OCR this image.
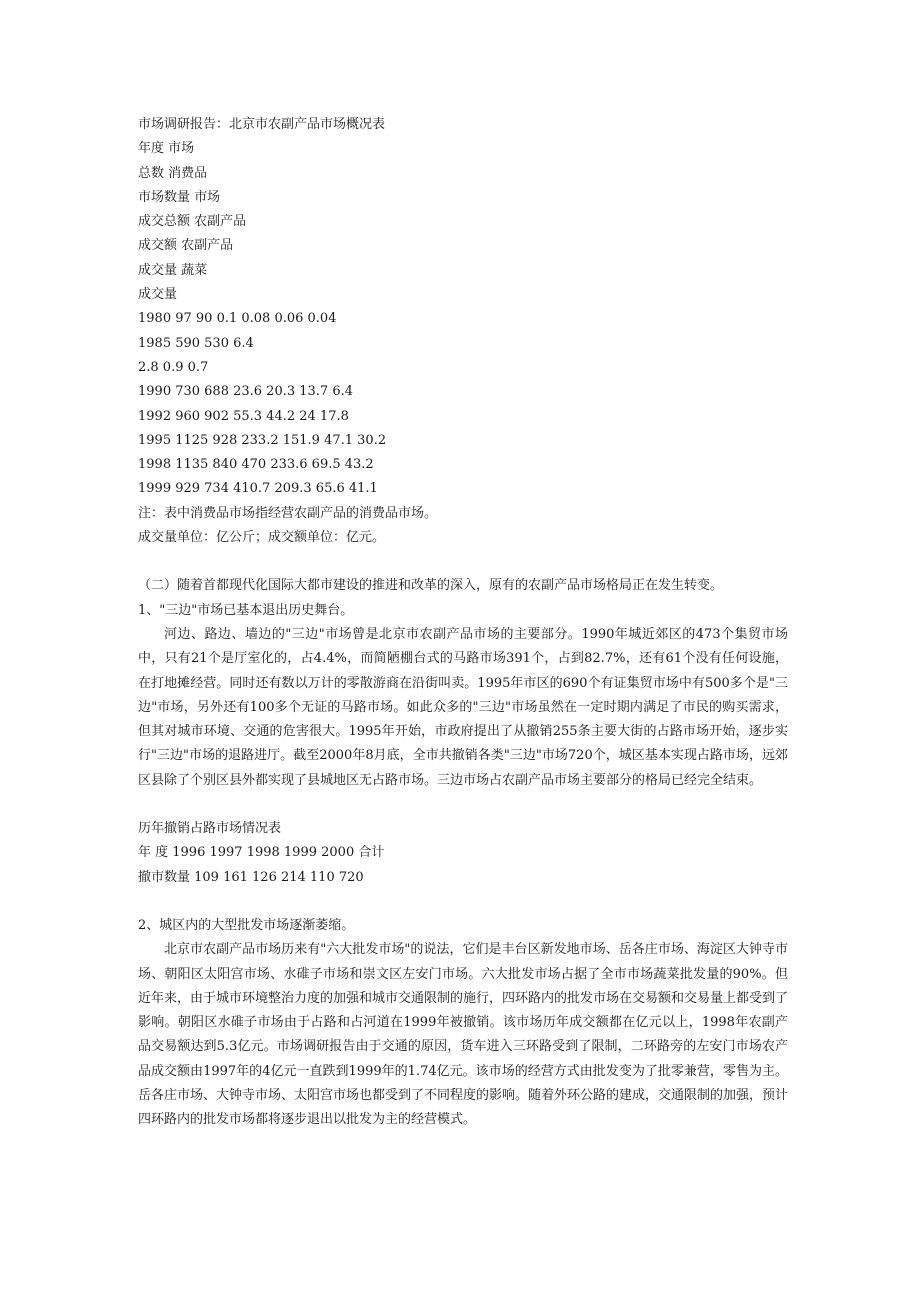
市场调研报告：北京市农副产品市场概况表
年度 市场
总数 消费品
市场数量 市场
成交总额 农副产品
成交额 农副产品
成交量 蔬菜
成交量
1980 97 90 0.1 0.08 0.06 0.04
1985 590 530 6.4
2.8 0.9 0.7
1990 730 688 23.6 20.3 13.7 6.4
1992 960 902 55.3 44.2 24 17.8
1995 1125 928 233.2 151.9 47.1 30.2
1998 1135 840 470 233.6 69.5 43.2
1999 929 734 410.7 209.3 65.6 41.1
注：表中消费品市场指经营农副产品的消费品市场。
成交量单位：亿公斤；成交额单位：亿元。
（二）随着首都现代化国际大都市建设的推进和改革的深入，原有的农副产品市场格局正在发生转变。
1、"三边"市场已基本退出历史舞台。

河边、路边、墙边的"三边"市场曾是北京市农副产品市场的主要部分。1990年城近郊区的473个集贸市场中，只有21个是厅室化的，占4.4%，而简陋棚台式的马路市场391个，占到82.7%，还有61个没有任何设施，在打地摊经营。同时还有数以万计的零散游商在沿街叫卖。1995年市区的690个有证集贸市场中有500多个是"三边"市场，另外还有100多个无证的马路市场。如此众多的"三边"市场虽然在一定时期内满足了市民的购买需求，但其对城市环境、交通的危害很大。1995年开始，市政府提出了从撤销255条主要大街的占路市场开始，逐步实行"三边"市场的退路进厅。截至2000年8月底，全市共撤销各类"三边"市场720个，城区基本实现占路市场，远郊区县除了个别区县外都实现了县城地区无占路市场。三边市场占农副产品市场主要部分的格局已经完全结束。

历年撤销占路市场情况表
年 度 1996 1997 1998 1999 2000 合计
撤市数量 109 161 126 214 110 720
2、城区内的大型批发市场逐渐萎缩。

北京市农副产品市场历来有"六大批发市场"的说法，它们是丰台区新发地市场、岳各庄市场、海淀区大钟寺市场、朝阳区太阳宫市场、水碓子市场和崇文区左安门市场。六大批发市场占据了全市市场蔬菜批发量的90%。但近年来，由于城市环境整治力度的加强和城市交通限制的施行，四环路内的批发市场在交易额和交易量上都受到了影响。朝阳区水碓子市场由于占路和占河道在1999年被撤销。该市场历年成交额都在亿元以上，1998年农副产品交易额达到5.3亿元。市场调研报告由于交通的原因，货车进入三环路受到了限制，二环路旁的左安门市场农产品成交额由1997年的4亿元一直跌到1999年的1.74亿元。该市场的经营方式由批发变为了批零兼营，零售为主。岳各庄市场、大钟寺市场、太阳宫市场也都受到了不同程度的影响。随着外环公路的建成，交通限制的加强，预计四环路内的批发市场都将逐步退出以批发为主的经营模式。
